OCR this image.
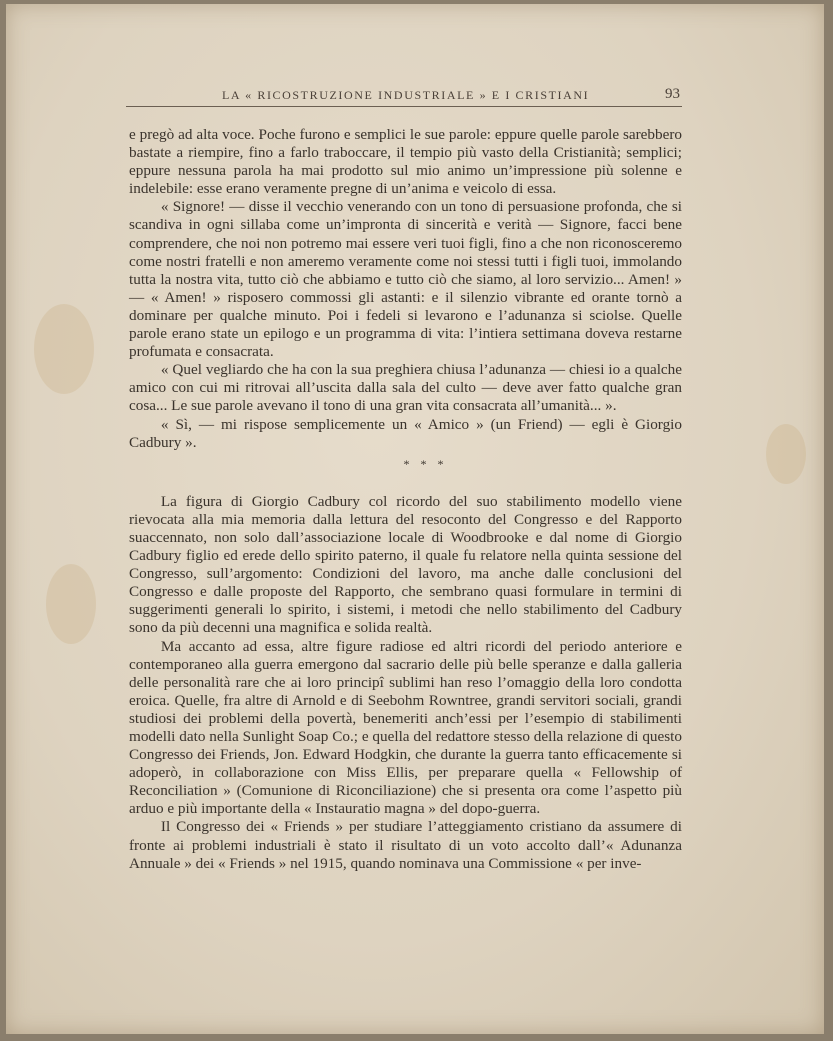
LA « RICOSTRUZIONE INDUSTRIALE » E I CRISTIANI	93

e pregò ad alta voce. Poche furono e semplici le sue parole: eppure quelle parole sarebbero bastate a riempire, fino a farlo traboccare, il tempio più vasto della Cristianità; semplici; eppure nessuna parola ha mai prodotto sul mio animo un’impressione più solenne e indelebile: esse erano veramente pregne di un’anima e veicolo di essa.

« Signore! — disse il vecchio venerando con un tono di persuasione profonda, che si scandiva in ogni sillaba come un’impronta di sincerità e verità — Signore, facci bene comprendere, che noi non potremo mai essere veri tuoi figli, fino a che non riconosceremo come nostri fratelli e non ameremo veramente come noi stessi tutti i figli tuoi, immolando tutta la nostra vita, tutto ciò che abbiamo e tutto ciò che siamo, al loro servizio... Amen! » — « Amen! » risposero commossi gli astanti: e il silenzio vibrante ed orante tornò a dominare per qualche minuto. Poi i fedeli si levarono e l’adunanza si sciolse. Quelle parole erano state un epilogo e un programma di vita: l’intiera settimana doveva restarne profumata e consacrata.

« Quel vegliardo che ha con la sua preghiera chiusa l’adunanza — chiesi io a qualche amico con cui mi ritrovai all’uscita dalla sala del culto — deve aver fatto qualche gran cosa... Le sue parole avevano il tono di una gran vita consacrata all’umanità... ».

« Sì, — mi rispose semplicemente un « Amico » (un Friend) — egli è Giorgio Cadbury ».

* * *

La figura di Giorgio Cadbury col ricordo del suo stabilimento modello viene rievocata alla mia memoria dalla lettura del resoconto del Congresso e del Rapporto suaccennato, non solo dall’associazione locale di Woodbrooke e dal nome di Giorgio Cadbury figlio ed erede dello spirito paterno, il quale fu relatore nella quinta sessione del Congresso, sull’argomento: Condizioni del lavoro, ma anche dalle conclusioni del Congresso e dalle proposte del Rapporto, che sembrano quasi formulare in termini di suggerimenti generali lo spirito, i sistemi, i metodi che nello stabilimento del Cadbury sono da più decenni una magnifica e solida realtà.

Ma accanto ad essa, altre figure radiose ed altri ricordi del periodo anteriore e contemporaneo alla guerra emergono dal sacrario delle più belle speranze e dalla galleria delle personalità rare che ai loro principî sublimi han reso l’omaggio della loro condotta eroica. Quelle, fra altre di Arnold e di Seebohm Rowntree, grandi servitori sociali, grandi studiosi dei problemi della povertà, benemeriti anch’essi per l’esempio di stabilimenti modelli dato nella Sunlight Soap Co.; e quella del redattore stesso della relazione di questo Congresso dei Friends, Jon. Edward Hodgkin, che durante la guerra tanto efficacemente si adoperò, in collaborazione con Miss Ellis, per preparare quella « Fellowship of Reconciliation » (Comunione di Riconciliazione) che si presenta ora come l’aspetto più arduo e più importante della « Instauratio magna » del dopo-guerra.

Il Congresso dei « Friends » per studiare l’atteggiamento cristiano da assumere di fronte ai problemi industriali è stato il risultato di un voto accolto dall’« Adunanza Annuale » dei « Friends » nel 1915, quando nominava una Commissione « per inve-
